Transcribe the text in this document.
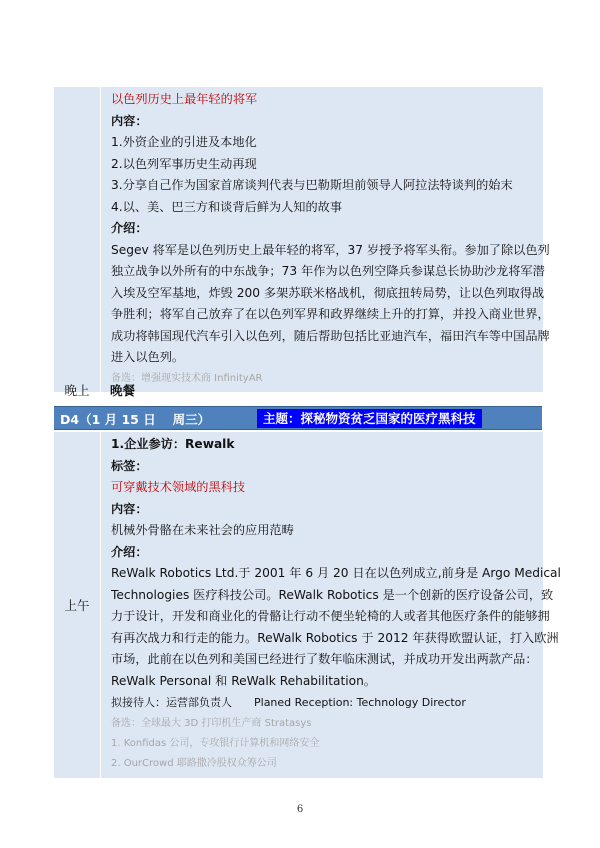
以色列历史上最年轻的将军
内容：
1.外资企业的引进及本地化
2.以色列军事历史生动再现
3.分享自己作为国家首席谈判代表与巴勒斯坦前领导人阿拉法特谈判的始末
4.以、美、巴三方和谈背后鲜为人知的故事
介绍：
Segev 将军是以色列历史上最年轻的将军，37 岁授予将军头衔。参加了除以色列
独立战争以外所有的中东战争；73 年作为以色列空降兵参谋总长协助沙龙将军潜
入埃及空军基地，炸毁 200 多架苏联米格战机，彻底扭转局势，让以色列取得战
争胜利；将军自己放弃了在以色列军界和政界继续上升的打算，并投入商业世界，
成功将韩国现代汽车引入以色列，随后帮助包括比亚迪汽车，福田汽车等中国品牌
进入以色列。
备选：增强现实技术商 InfinityAR
晚上	晚餐
D4（1 月 15 日　 周三）	主题：探秘物资贫乏国家的医疗黑科技
上午
1.企业参访：Rewalk
标签：
可穿戴技术领域的黑科技
内容：
机械外骨骼在未来社会的应用范畴
介绍：
ReWalk Robotics Ltd.于 2001 年 6 月 20 日在以色列成立,前身是 Argo Medical
Technologies 医疗科技公司。ReWalk Robotics 是一个创新的医疗设备公司，致
力于设计，开发和商业化的骨骼让行动不便坐轮椅的人或者其他医疗条件的能够拥
有再次战力和行走的能力。ReWalk Robotics 于 2012 年获得欧盟认证，打入欧洲
市场，此前在以色列和美国已经进行了数年临床测试，并成功开发出两款产品：
ReWalk Personal 和 ReWalk Rehabilitation。
拟接待人：运营部负责人　　Planed Reception: Technology Director
备选：全球最大 3D 打印机生产商 Stratasys
1. Konfidas 公司，专攻银行计算机和网络安全
2. OurCrowd 耶路撒冷股权众筹公司
6
